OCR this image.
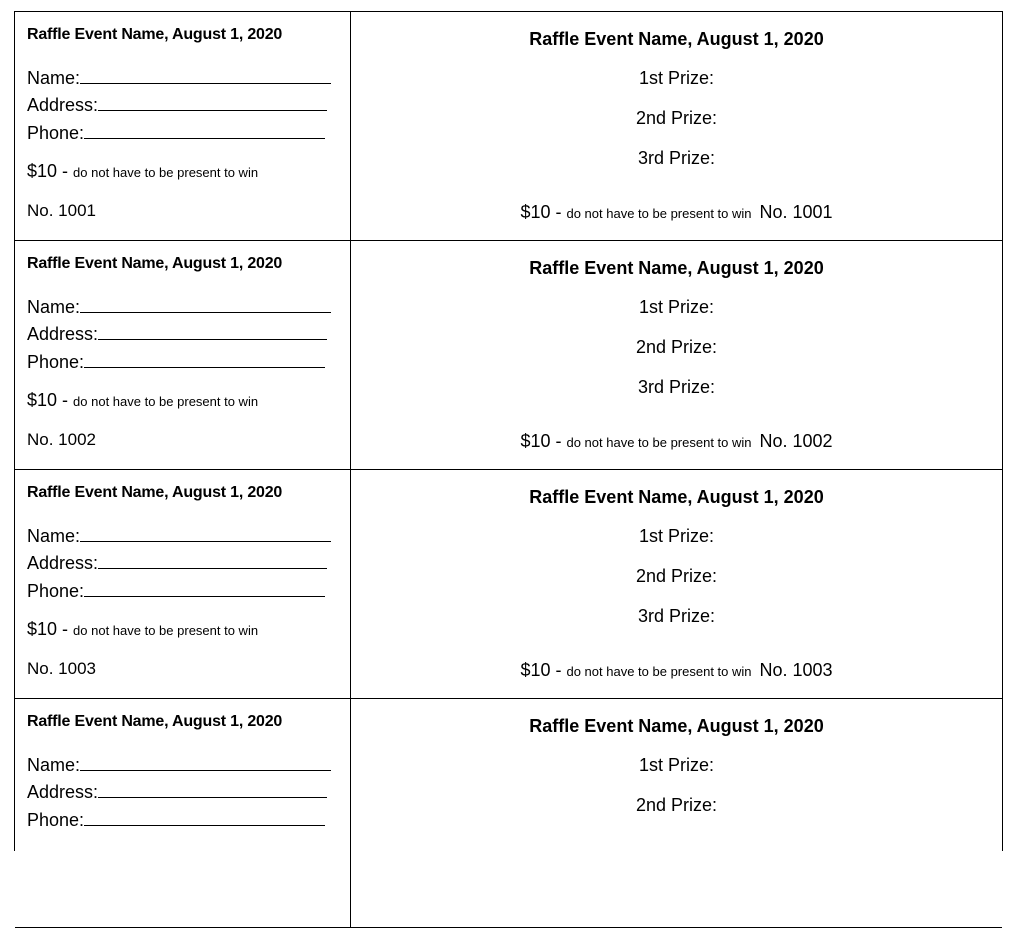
Raffle Event Name, August 1, 2020
Name:
Address:
Phone:
$10 - do not have to be present to win
No. 1001
Raffle Event Name, August 1, 2020
1st Prize:
2nd Prize:
3rd Prize:
$10 - do not have to be present to win No. 1001
Raffle Event Name, August 1, 2020
Name:
Address:
Phone:
$10 - do not have to be present to win
No. 1002
Raffle Event Name, August 1, 2020
1st Prize:
2nd Prize:
3rd Prize:
$10 - do not have to be present to win No. 1002
Raffle Event Name, August 1, 2020
Name:
Address:
Phone:
$10 - do not have to be present to win
No. 1003
Raffle Event Name, August 1, 2020
1st Prize:
2nd Prize:
3rd Prize:
$10 - do not have to be present to win No. 1003
Raffle Event Name, August 1, 2020
Name:
Address:
Phone:
Raffle Event Name, August 1, 2020
1st Prize:
2nd Prize:
